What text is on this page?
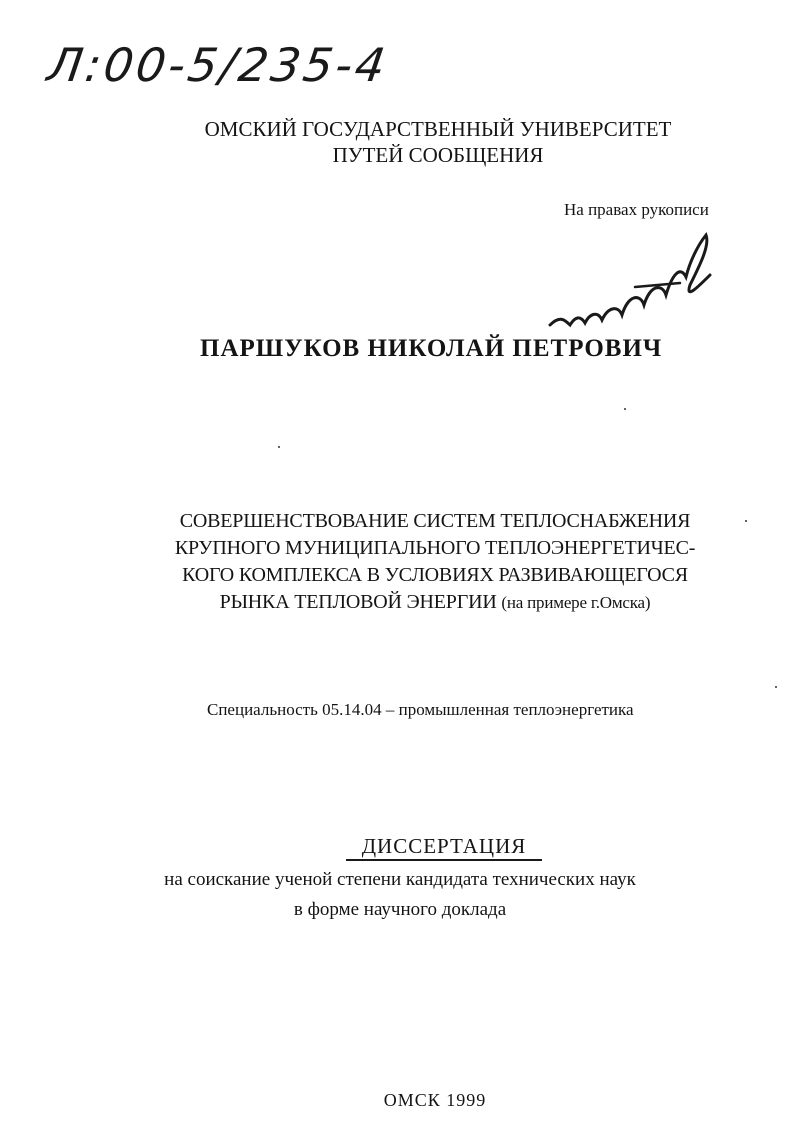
Л:00-5/235-4
ОМСКИЙ ГОСУДАРСТВЕННЫЙ УНИВЕРСИТЕТ
ПУТЕЙ СООБЩЕНИЯ
На правах рукописи
ПАРШУКОВ НИКОЛАЙ ПЕТРОВИЧ
СОВЕРШЕНСТВОВАНИЕ СИСТЕМ ТЕПЛОСНАБЖЕНИЯ
КРУПНОГО МУНИЦИПАЛЬНОГО ТЕПЛОЭНЕРГЕТИЧЕС-
КОГО КОМПЛЕКСА В УСЛОВИЯХ РАЗВИВАЮЩЕГОСЯ
РЫНКА ТЕПЛОВОЙ ЭНЕРГИИ (на примере г.Омска)
Специальность 05.14.04 – промышленная теплоэнергетика
ДИССЕРТАЦИЯ
на соискание ученой степени кандидата технических наук
в форме научного доклада
ОМСК 1999
